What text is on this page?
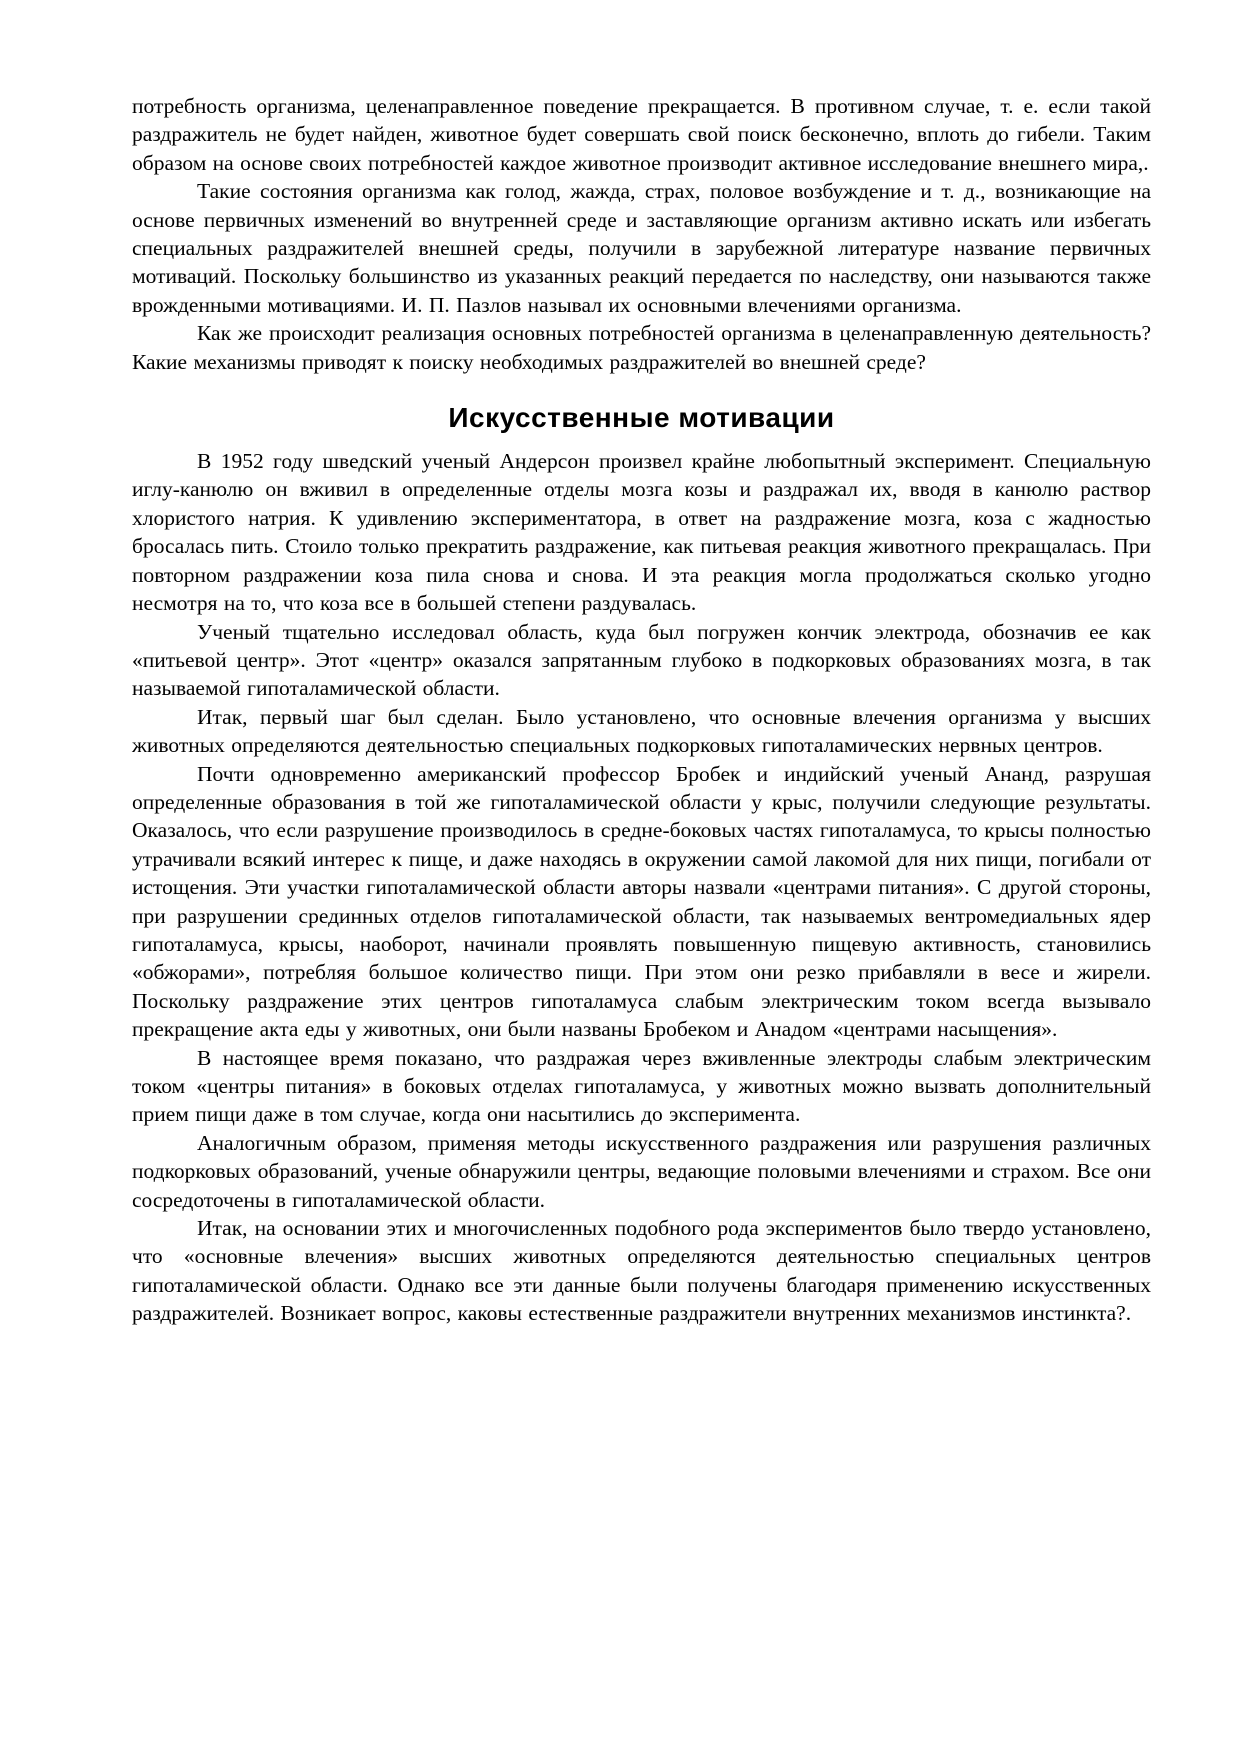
потребность организма, целенаправленное поведение прекращается. В противном случае, т. е. если такой раздражитель не будет найден, животное будет совершать свой поиск бесконечно, вплоть до гибели. Таким образом на основе своих потребностей каждое животное производит активное исследование внешнего мира,.

Такие состояния организма как голод, жажда, страх, половое возбуждение и т. д., возникающие на основе первичных изменений во внутренней среде и заставляющие организм активно искать или избегать специальных раздражителей внешней среды, получили в зарубежной литературе название первичных мотиваций. Поскольку большинство из указанных реакций передается по наследству, они называются также врожденными мотивациями. И. П. Пазлов называл их основными влечениями организма.

Как же происходит реализация основных потребностей организма в целенаправленную деятельность? Какие механизмы приводят к поиску необходимых раздражителей во внешней среде?

Искусственные мотивации

В 1952 году шведский ученый Андерсон произвел крайне любопытный эксперимент. Специальную иглу-канюлю он вживил в определенные отделы мозга козы и раздражал их, вводя в канюлю раствор хлористого натрия. К удивлению экспериментатора, в ответ на раздражение мозга, коза с жадностью бросалась пить. Стоило только прекратить раздражение, как питьевая реакция животного прекращалась. При повторном раздражении коза пила снова и снова. И эта реакция могла продолжаться сколько угодно несмотря на то, что коза все в большей степени раздувалась.

Ученый тщательно исследовал область, куда был погружен кончик электрода, обозначив ее как «питьевой центр». Этот «центр» оказался запрятанным глубоко в подкорковых образованиях мозга, в так называемой гипоталамической области.

Итак, первый шаг был сделан. Было установлено, что основные влечения организма у высших животных определяются деятельностью специальных подкорковых гипоталамических нервных центров.

Почти одновременно американский профессор Бробек и индийский ученый Ананд, разрушая определенные образования в той же гипоталамической области у крыс, получили следующие результаты. Оказалось, что если разрушение производилось в средне-боковых частях гипоталамуса, то крысы полностью утрачивали всякий интерес к пище, и даже находясь в окружении самой лакомой для них пищи, погибали от истощения. Эти участки гипоталамической области авторы назвали «центрами питания». С другой стороны, при разрушении срединных отделов гипоталамической области, так называемых вентромедиальных ядер гипоталамуса, крысы, наоборот, начинали проявлять повышенную пищевую активность, становились «обжорами», потребляя большое количество пищи. При этом они резко прибавляли в весе и жирели. Поскольку раздражение этих центров гипоталамуса слабым электрическим током всегда вызывало прекращение акта еды у животных, они были названы Бробеком и Анадом «центрами насыщения».

В настоящее время показано, что раздражая через вживленные электроды слабым электрическим током «центры питания» в боковых отделах гипоталамуса, у животных можно вызвать дополнительный прием пищи даже в том случае, когда они насытились до эксперимента.

Аналогичным образом, применяя методы искусственного раздражения или разрушения различных подкорковых образований, ученые обнаружили центры, ведающие половыми влечениями и страхом. Все они сосредоточены в гипоталамической области.

Итак, на основании этих и многочисленных подобного рода экспериментов было твердо установлено, что «основные влечения» высших животных определяются деятельностью специальных центров гипоталамической области. Однако все эти данные были получены благодаря применению искусственных раздражителей. Возникает вопрос, каковы естественные раздражители внутренних механизмов инстинкта?.
